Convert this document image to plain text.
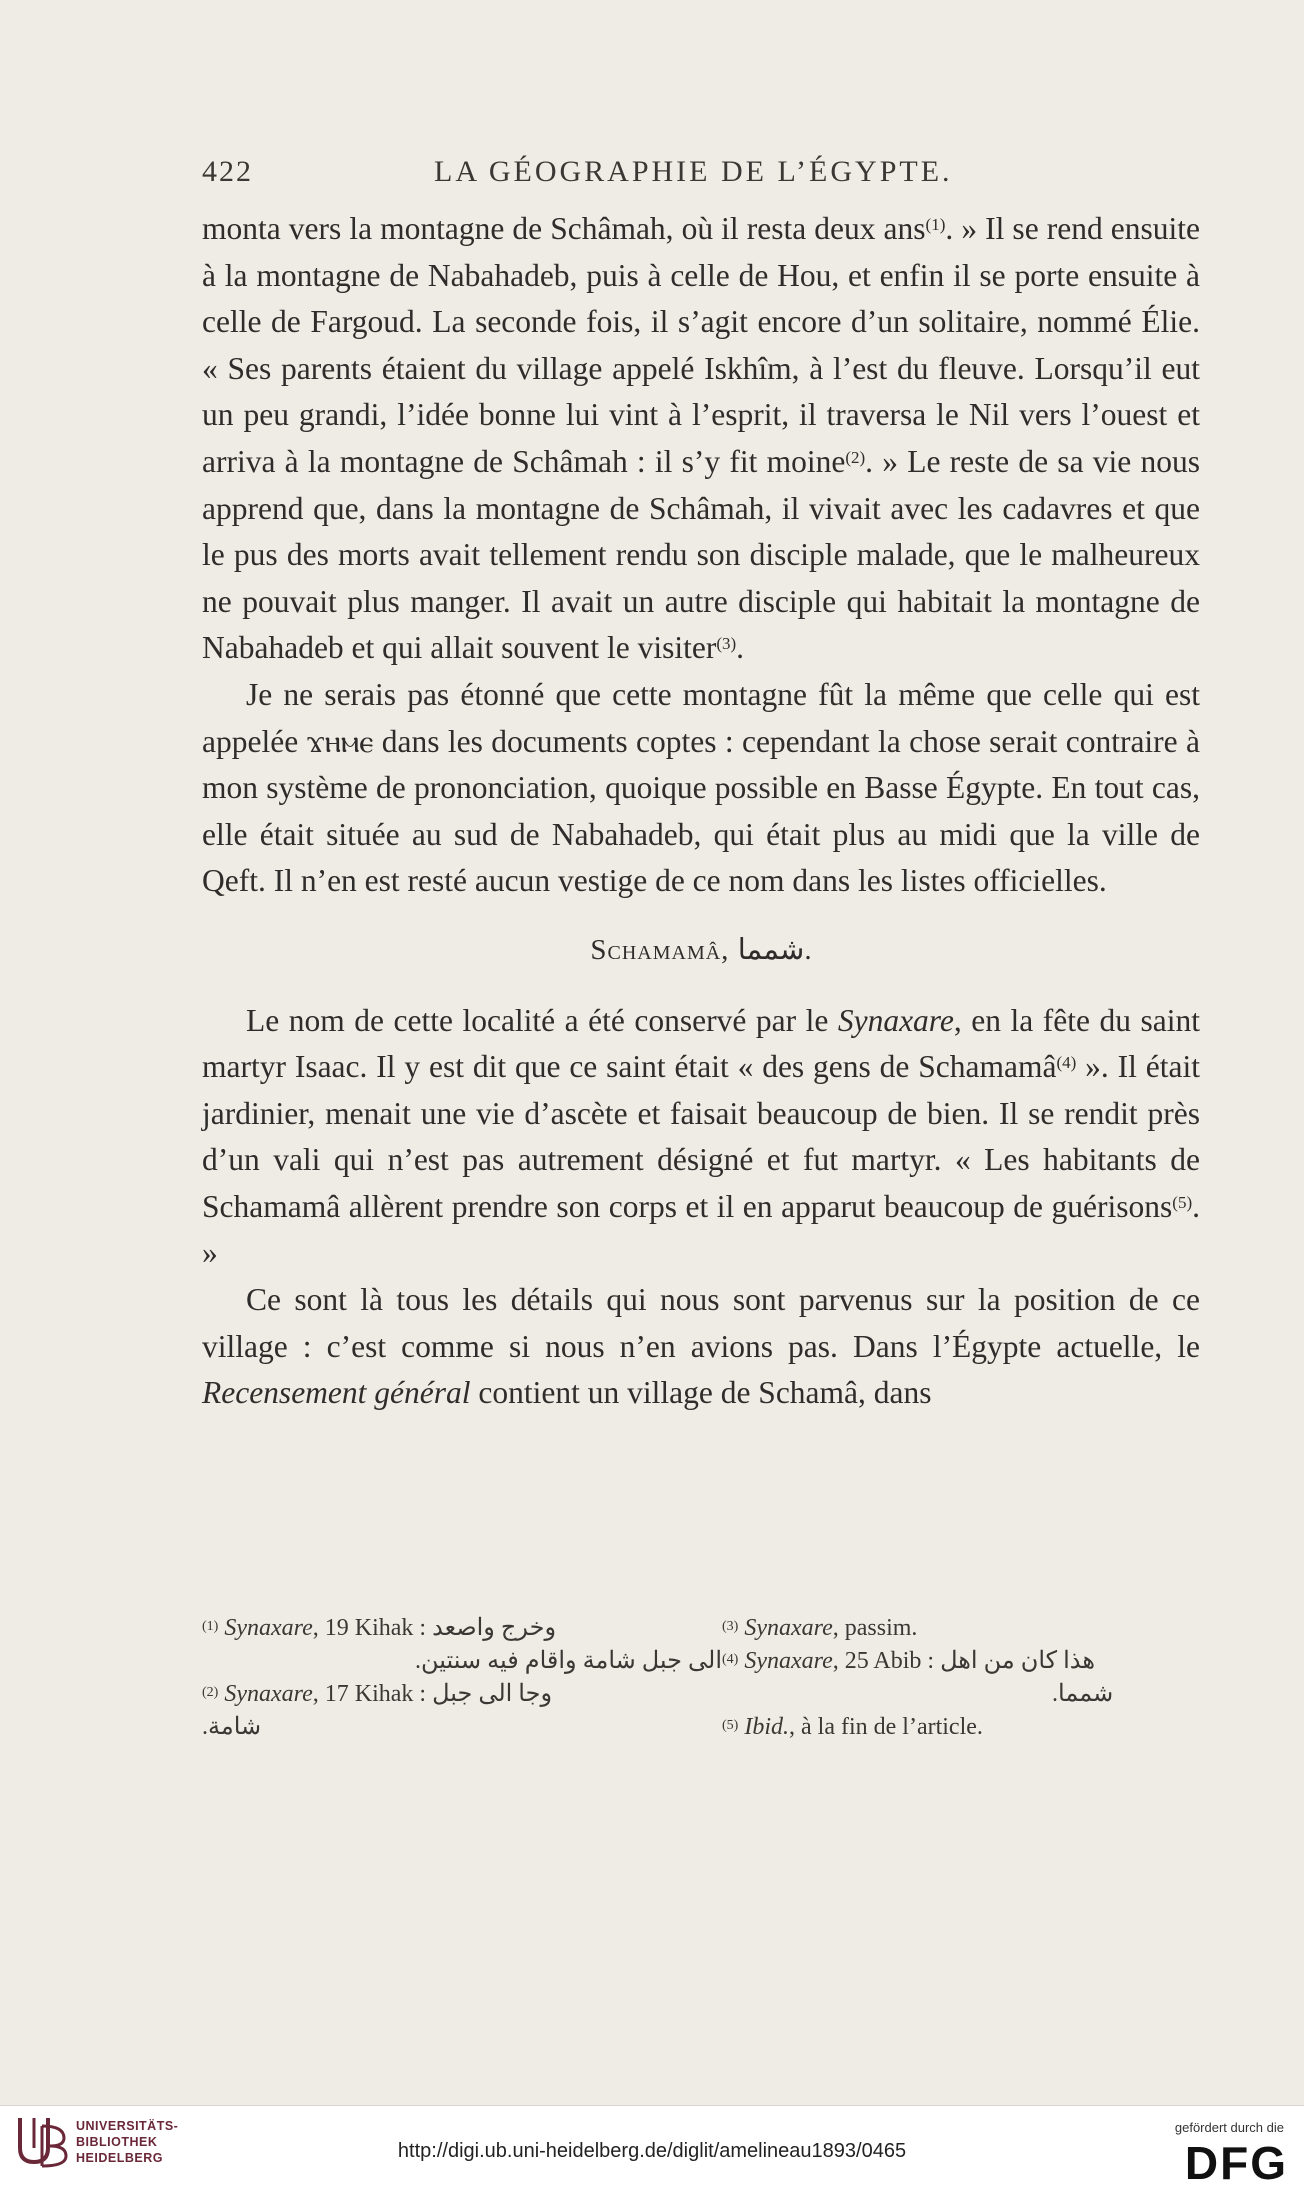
422	LA GÉOGRAPHIE DE L’ÉGYPTE.

monta vers la montagne de Schâmah, où il resta deux ans$^{(1)}$. » Il se rend ensuite à la montagne de Nabahadeb, puis à celle de Hou, et enfin il se porte ensuite à celle de Fargoud. La seconde fois, il s’agit encore d’un solitaire, nommé Élie. « Ses parents étaient du village appelé Iskhîm, à l’est du fleuve. Lorsqu’il eut un peu grandi, l’idée bonne lui vint à l’esprit, il traversa le Nil vers l’ouest et arriva à la montagne de Schâmah : il s’y fit moine$^{(2)}$. » Le reste de sa vie nous apprend que, dans la montagne de Schâmah, il vivait avec les cadavres et que le pus des morts avait tellement rendu son disciple malade, que le malheureux ne pouvait plus manger. Il avait un autre disciple qui habitait la montagne de Nabahadeb et qui allait souvent le visiter$^{(3)}$.

Je ne serais pas étonné que cette montagne fût la même que celle qui est appelée ϫⲏⲙⲉ dans les documents coptes : cependant la chose serait contraire à mon système de prononciation, quoique possible en Basse Égypte. En tout cas, elle était située au sud de Nabahadeb, qui était plus au midi que la ville de Qeft. Il n’en est resté aucun vestige de ce nom dans les listes officielles.

Schamamâ, شمما.

Le nom de cette localité a été conservé par le Synaxare, en la fête du saint martyr Isaac. Il y est dit que ce saint était « des gens de Schamamâ$^{(4)}$ ». Il était jardinier, menait une vie d’ascète et faisait beaucoup de bien. Il se rendit près d’un vali qui n’est pas autrement désigné et fut martyr. « Les habitants de Schamamâ allèrent prendre son corps et il en apparut beaucoup de guérisons$^{(5)}$. »

Ce sont là tous les détails qui nous sont parvenus sur la position de ce village : c’est comme si nous n’en avions pas. Dans l’Égypte actuelle, le Recensement général contient un village de Schamâ, dans

$^{(1)}$ Synaxare, 19 Kihak : وخرج واصعد
الى جبل شامة واقام فيه سنتين.
$^{(2)}$ Synaxare, 17 Kihak : وجا الى جبل
شامة.
$^{(3)}$ Synaxare, passim.
$^{(4)}$ Synaxare, 25 Abib : هذا كان من اهل
شمما.
$^{(5)}$ Ibid., à la fin de l’article.
UNIVERSITÄTS-
BIBLIOTHEK
HEIDELBERG	http://digi.ub.uni-heidelberg.de/diglit/amelineau1893/0465
gefördert durch die
DFG
